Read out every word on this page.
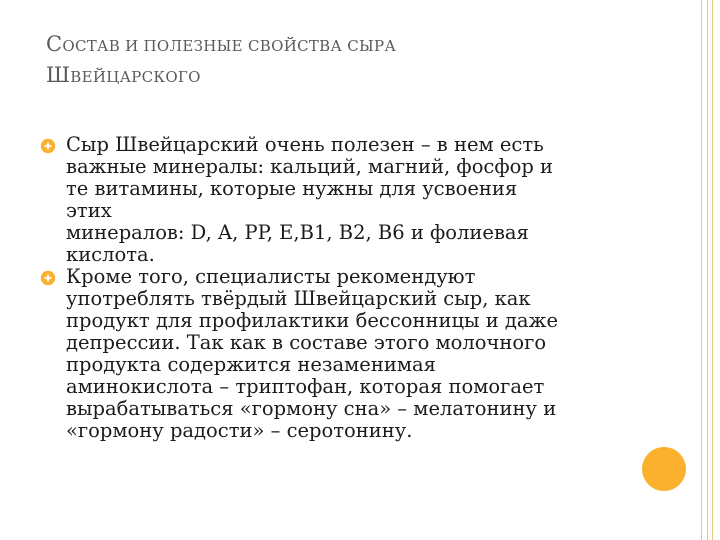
СОСТАВ И ПОЛЕЗНЫЕ СВОЙСТВА СЫРА
ШВЕЙЦАРСКОГО
Сыр Швейцарский очень полезен – в нем есть
важные минералы: кальций, магний, фосфор и
те витамины, которые нужны для усвоения
этих
минералов: D, A, PP, E,B1, B2, B6 и фолиевая
кислота.
Кроме того, специалисты рекомендуют
употреблять твёрдый Швейцарский сыр, как
продукт для профилактики бессонницы и даже
депрессии. Так как в составе этого молочного
продукта содержится незаменимая
аминокислота – триптофан, которая помогает
вырабатываться «гормону сна» – мелатонину и
«гормону радости» – серотонину.
